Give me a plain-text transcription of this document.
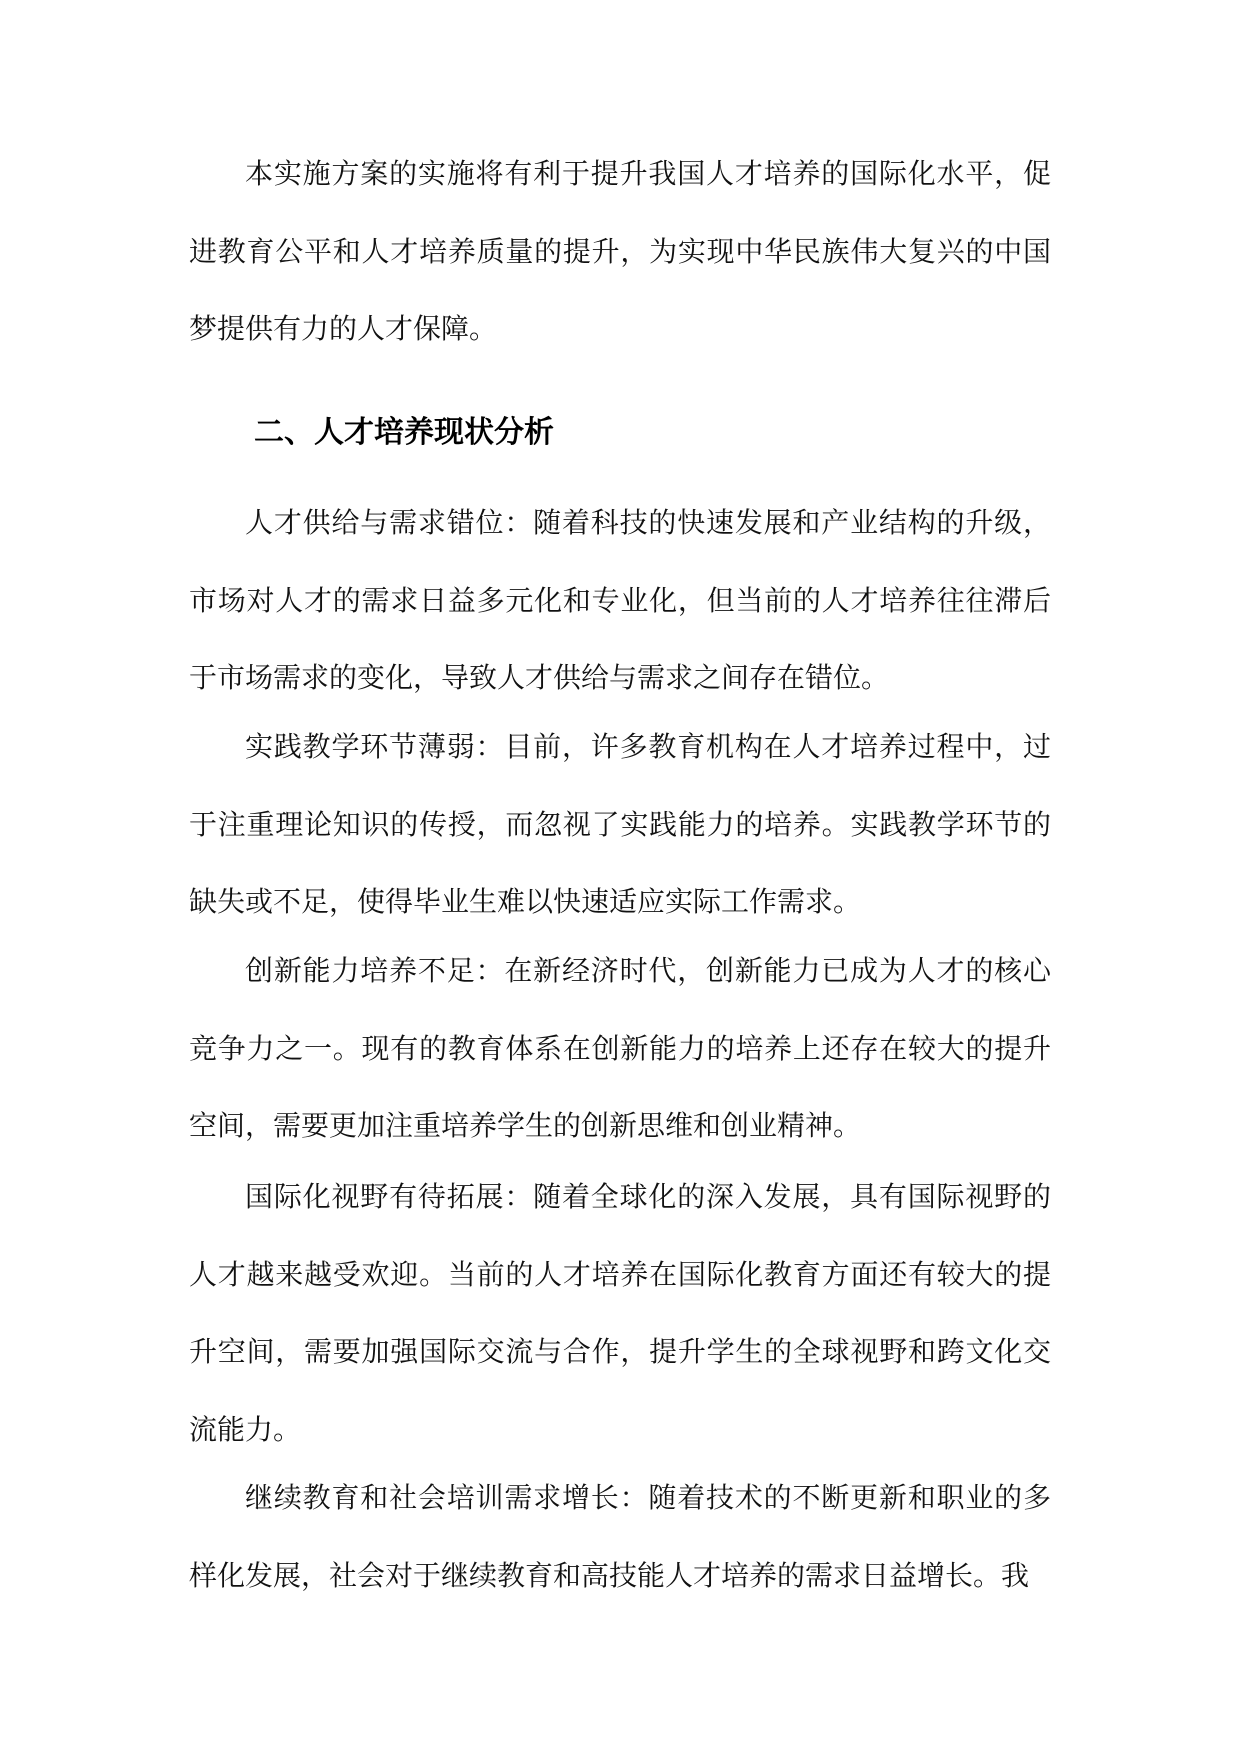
本实施方案的实施将有利于提升我国人才培养的国际化水平，促进教育公平和人才培养质量的提升，为实现中华民族伟大复兴的中国梦提供有力的人才保障。

二、人才培养现状分析

人才供给与需求错位：随着科技的快速发展和产业结构的升级，市场对人才的需求日益多元化和专业化，但当前的人才培养往往滞后于市场需求的变化，导致人才供给与需求之间存在错位。

实践教学环节薄弱：目前，许多教育机构在人才培养过程中，过于注重理论知识的传授，而忽视了实践能力的培养。实践教学环节的缺失或不足，使得毕业生难以快速适应实际工作需求。

创新能力培养不足：在新经济时代，创新能力已成为人才的核心竞争力之一。现有的教育体系在创新能力的培养上还存在较大的提升空间，需要更加注重培养学生的创新思维和创业精神。

国际化视野有待拓展：随着全球化的深入发展，具有国际视野的人才越来越受欢迎。当前的人才培养在国际化教育方面还有较大的提升空间，需要加强国际交流与合作，提升学生的全球视野和跨文化交流能力。

继续教育和社会培训需求增长：随着技术的不断更新和职业的多样化发展，社会对于继续教育和高技能人才培养的需求日益增长。我
